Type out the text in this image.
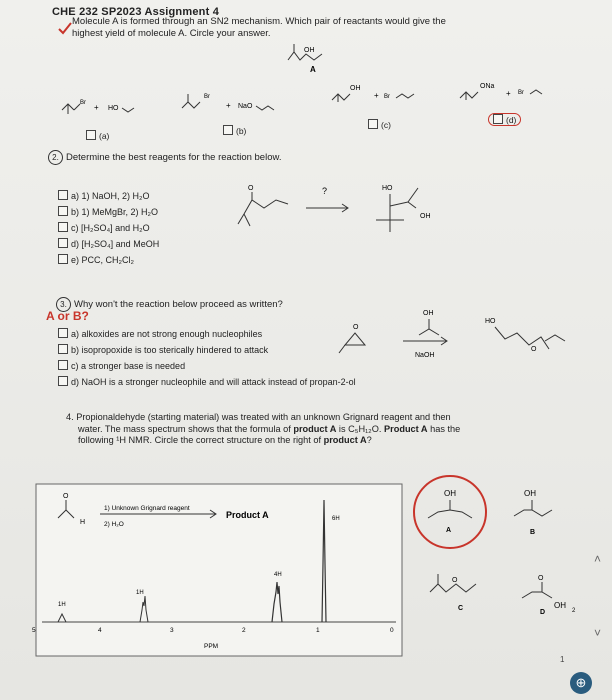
CHE 232 SP2023 Assignment 4
Molecule A is formed through an SN2 mechanism. Which pair of reactants would give the
highest yield of molecule A. Circle your answer.
OH
A
Br + HO
Br
+ NaO
OH
+ Br
ONa
+ Br
(a)	(b)
(c)	(d)
2. Determine the best reagents for the reaction below.
a) 1) NaOH, 2) H₂O
b) 1) MeMgBr, 2) H₂O
c) [H₂SO₄] and H₂O
d) [H₂SO₄] and MeOH
e) PCC, CH₂Cl₂
O	?	HO
OH
3. Why won't the reaction below proceed as written?
A or B?
a) alkoxides are not strong enough nucleophiles
b) isopropoxide is too sterically hindered to attack
c) a stronger base is needed
d) NaOH is a stronger nucleophile and will attack instead of propan-2-ol
O
OH
NaOH
HO
O
4. Propionaldehyde (starting material) was treated with an unknown Grignard reagent and then
water. The mass spectrum shows that the formula of product A is C₅H₁₂O. Product A has the
following ¹H NMR. Circle the correct structure on the right of product A?
O
H
1) Unknown Grignard reagent
2) H₂O
Product A
1H
1H
4H
6H
5	4	3	2	1	0
PPM
OH
A
OH
B
O
C
O
D
OH
2
˄
˅
1
⊕
